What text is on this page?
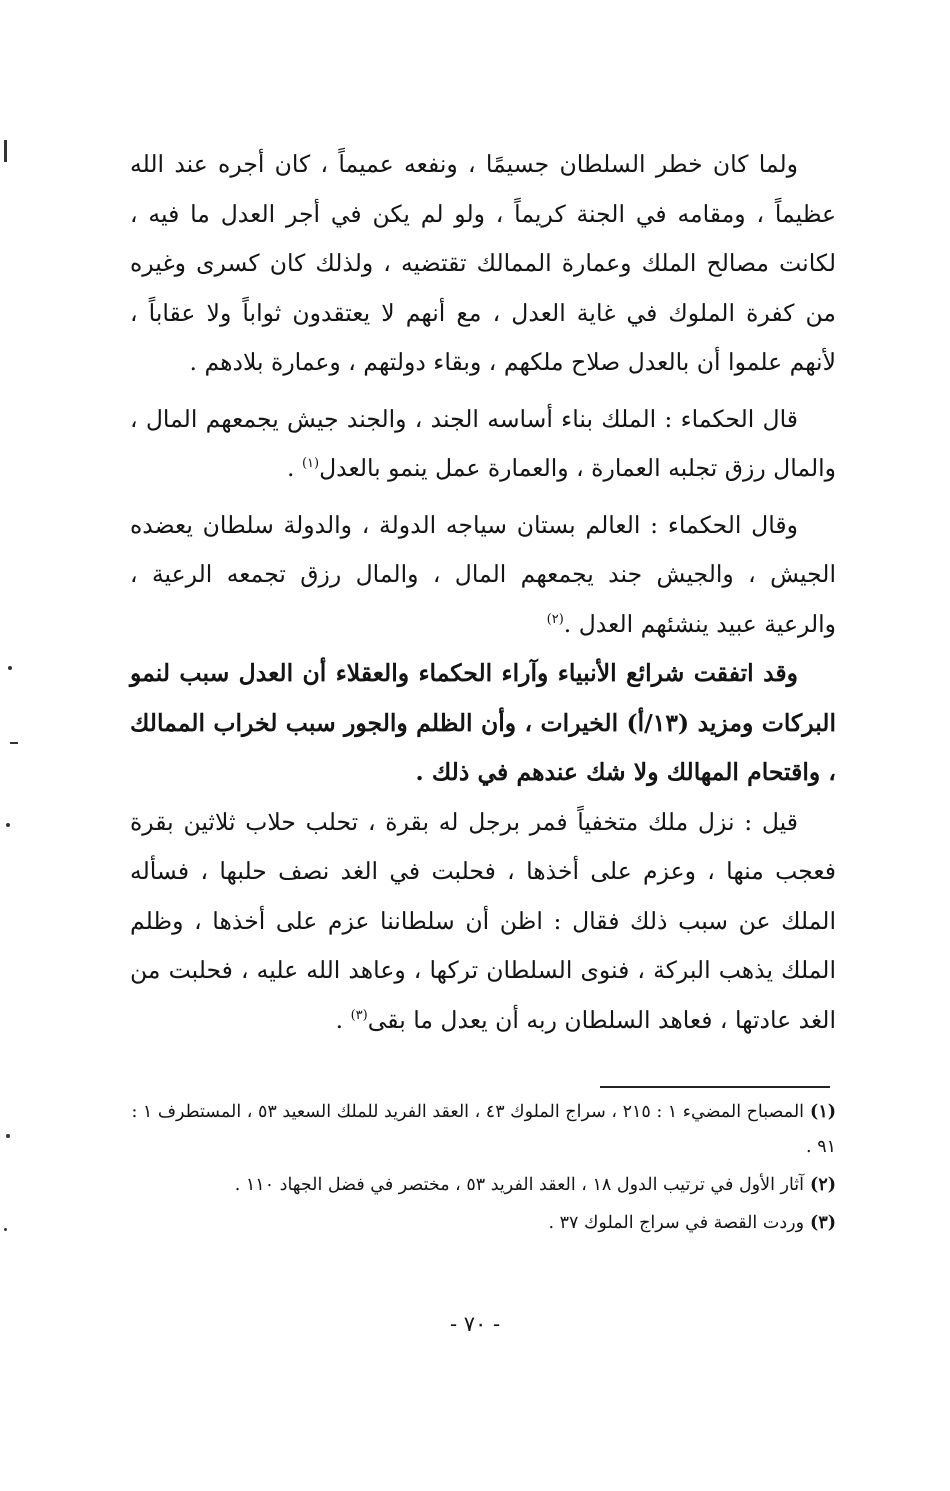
ولما كان خطر السلطان جسيمًا ، ونفعه عميماً ، كان أجره عند الله عظيماً ، ومقامه في الجنة كريماً ، ولو لم يكن في أجر العدل ما فيه ، لكانت مصالح الملك وعمارة الممالك تقتضيه ، ولذلك كان كسرى وغيره من كفرة الملوك في غاية العدل ، مع أنهم لا يعتقدون ثواباً ولا عقاباً ، لأنهم علموا أن بالعدل صلاح ملكهم ، وبقاء دولتهم ، وعمارة بلادهم .

قال الحكماء : الملك بناء أساسه الجند ، والجند جيش يجمعهم المال ، والمال رزق تجلبه العمارة ، والعمارة عمل ينمو بالعدل$^{(١)}$ .

وقال الحكماء : العالم بستان سياجه الدولة ، والدولة سلطان يعضده الجيش ، والجيش جند يجمعهم المال ، والمال رزق تجمعه الرعية ، والرعية عبيد ينشئهم العدل .$^{(٢)}$

وقد اتفقت شرائع الأنبياء وآراء الحكماء والعقلاء أن العدل سبب لنمو البركات ومزيد (١٣/أ) الخيرات ، وأن الظلم والجور سبب لخراب الممالك ، واقتحام المهالك ولا شك عندهم في ذلك .

قيل : نزل ملك متخفياً فمر برجل له بقرة ، تحلب حلاب ثلاثين بقرة فعجب منها ، وعزم على أخذها ، فحلبت في الغد نصف حلبها ، فسأله الملك عن سبب ذلك فقال : اظن أن سلطاننا عزم على أخذها ، وظلم الملك يذهب البركة ، فنوى السلطان تركها ، وعاهد الله عليه ، فحلبت من الغد عادتها ، فعاهد السلطان ربه أن يعدل ما بقى$^{(٣)}$ .

(١)المصباح المضيء ١ : ٢١٥ ، سراج الملوك ٤٣ ، العقد الفريد للملك السعيد ٥٣ ، المستطرف ١ : ٩١ .

(٢)آثار الأول في ترتيب الدول ١٨ ، العقد الفريد ٥٣ ، مختصر في فضل الجهاد ١١٠ .

(٣)وردت القصة في سراج الملوك ٣٧ .

- ٧٠ -
